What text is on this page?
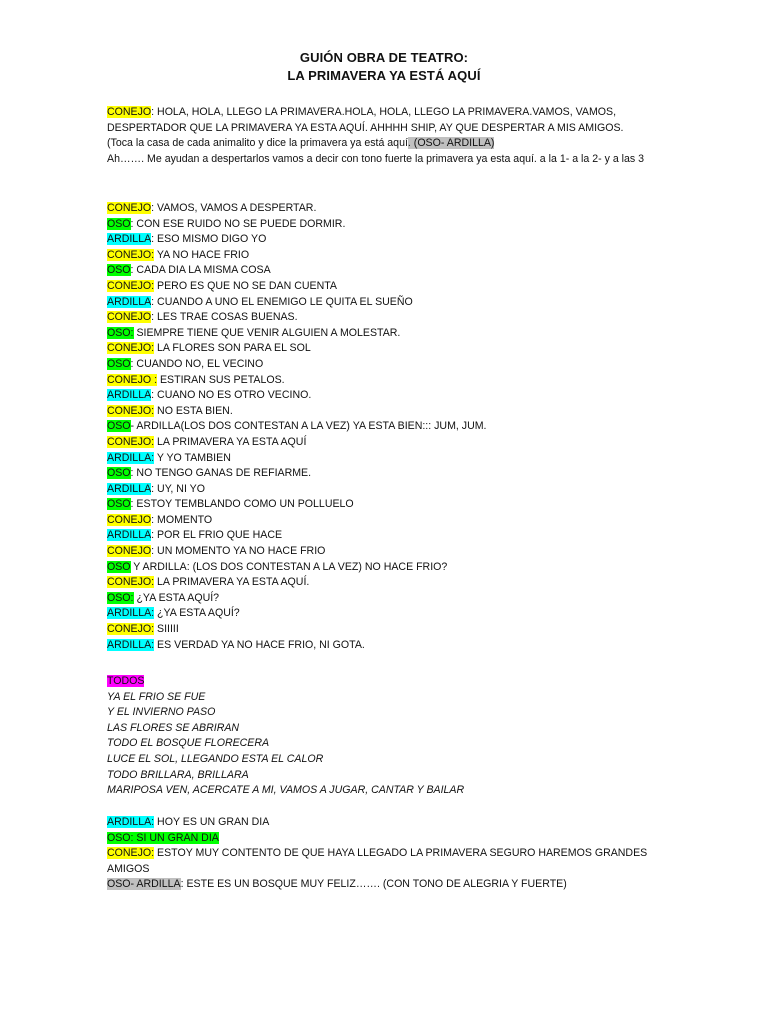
GUIÓN OBRA DE TEATRO:
LA PRIMAVERA YA ESTÁ AQUÍ
CONEJO: HOLA, HOLA, LLEGO LA PRIMAVERA.HOLA, HOLA, LLEGO LA PRIMAVERA.VAMOS, VAMOS, DESPERTADOR QUE LA PRIMAVERA YA ESTA AQUÍ. AHHHH SHIP, AY QUE DESPERTAR A MIS AMIGOS.
(Toca la casa de cada animalito y dice la primavera ya está aquí. (OSO- ARDILLA)
Ah……. Me ayudan a despertarlos vamos a decir con tono fuerte la primavera ya esta aquí. a la 1- a la 2- y a las 3
CONEJO: VAMOS, VAMOS A DESPERTAR.
OSO: CON ESE RUIDO NO SE PUEDE DORMIR.
ARDILLA: ESO MISMO DIGO YO
CONEJO: YA NO HACE FRIO
OSO: CADA DIA LA MISMA COSA
CONEJO: PERO ES QUE NO SE DAN CUENTA
ARDILLA: CUANDO A UNO EL ENEMIGO LE QUITA EL SUEÑO
CONEJO: LES TRAE COSAS BUENAS.
OSO: SIEMPRE TIENE QUE VENIR ALGUIEN A MOLESTAR.
CONEJO: LA FLORES SON PARA EL SOL
OSO: CUANDO NO, EL VECINO
CONEJO : ESTIRAN SUS PETALOS.
ARDILLA: CUANO NO ES OTRO VECINO.
CONEJO: NO ESTA BIEN.
OSO- ARDILLA(LOS DOS CONTESTAN A LA VEZ) YA ESTA BIEN::: JUM, JUM.
CONEJO: LA PRIMAVERA YA ESTA AQUÍ
ARDILLA: Y YO TAMBIEN
OSO: NO TENGO GANAS DE REFIARME.
ARDILLA: UY, NI YO
OSO: ESTOY TEMBLANDO COMO UN POLLUELO
CONEJO: MOMENTO
ARDILLA: POR EL FRIO QUE HACE
CONEJO: UN MOMENTO YA NO HACE FRIO
OSO Y ARDILLA: (LOS DOS CONTESTAN A LA VEZ) NO HACE FRIO?
CONEJO: LA PRIMAVERA YA ESTA AQUÍ.
OSO: ¿YA ESTA AQUÍ?
ARDILLA: ¿YA ESTA AQUÍ?
CONEJO: SIIIII
ARDILLA: ES VERDAD YA NO HACE FRIO, NI GOTA.
TODOS
YA EL FRIO SE FUE
Y EL INVIERNO PASO
LAS FLORES SE ABRIRAN
TODO EL BOSQUE FLORECERA
LUCE EL SOL, LLEGANDO ESTA EL CALOR
TODO BRILLARA, BRILLARA
MARIPOSA VEN, ACERCATE A MI, VAMOS A JUGAR, CANTAR Y BAILAR
ARDILLA: HOY ES UN GRAN DIA
OSO: SI UN GRAN DIA
CONEJO: ESTOY MUY CONTENTO DE QUE HAYA LLEGADO LA PRIMAVERA SEGURO HAREMOS GRANDES AMIGOS
OSO- ARDILLA: ESTE ES UN BOSQUE MUY FELIZ……. (CON TONO DE ALEGRIA Y FUERTE)
